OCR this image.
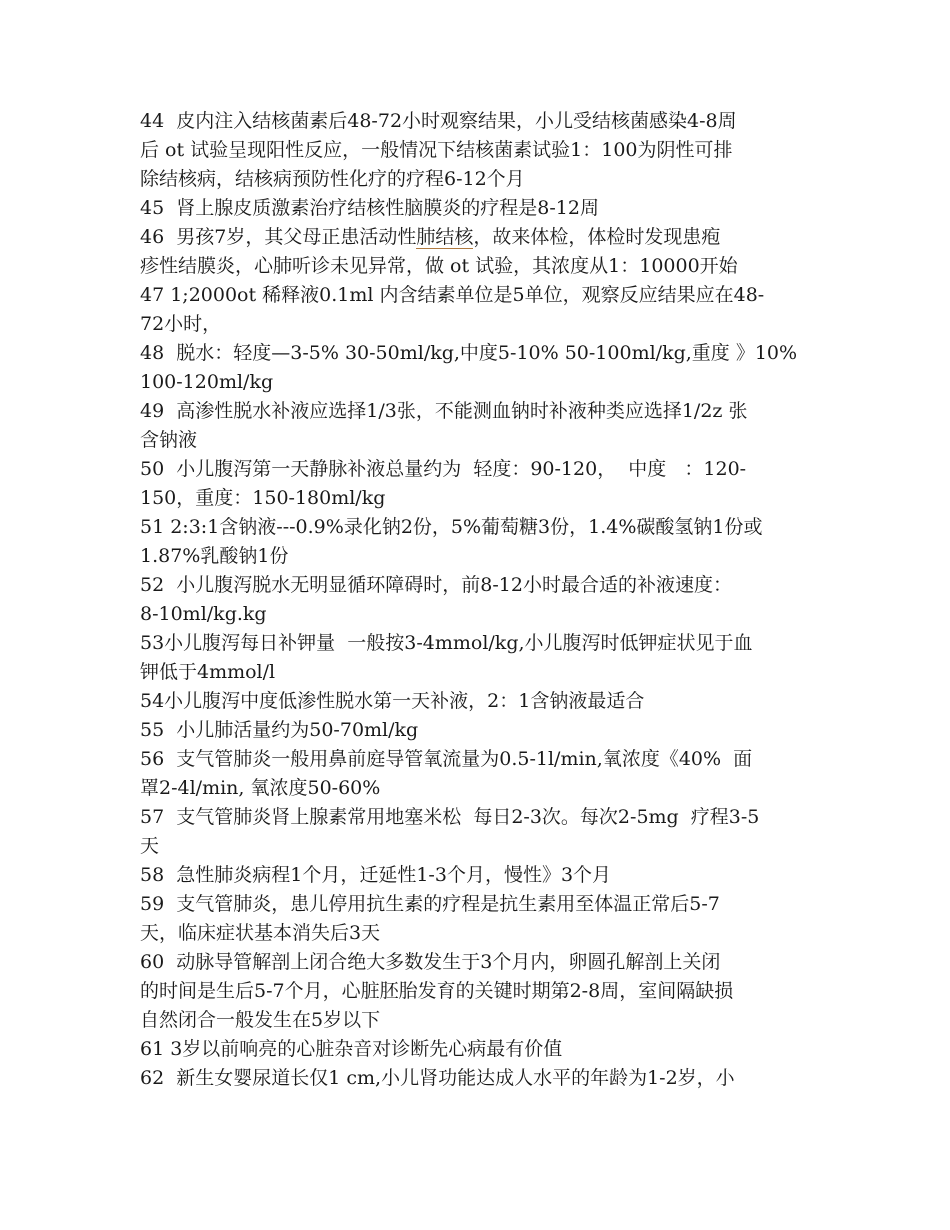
44  皮内注入结核菌素后48-72小时观察结果，小儿受结核菌感染4-8周
后 ot 试验呈现阳性反应，一般情况下结核菌素试验1：100为阴性可排
除结核病，结核病预防性化疗的疗程6-12个月
45  肾上腺皮质激素治疗结核性脑膜炎的疗程是8-12周
46  男孩7岁，其父母正患活动性肺结核，故来体检，体检时发现患疱
疹性结膜炎，心肺听诊未见异常，做 ot 试验，其浓度从1：10000开始
47 1;2000ot 稀释液0.1ml 内含结素单位是5单位，观察反应结果应在48-
72小时，
48  脱水：轻度—3-5% 30-50ml/kg,中度5-10% 50-100ml/kg,重度 》10%
100-120ml/kg
49  高渗性脱水补液应选择1/3张，不能测血钠时补液种类应选择1/2z 张
含钠液
50  小儿腹泻第一天静脉补液总量约为  轻度：90-120，  中度   ：120-
150，重度：150-180ml/kg
51 2:3:1含钠液---0.9%录化钠2份，5%葡萄糖3份，1.4%碳酸氢钠1份或
1.87%乳酸钠1份
52  小儿腹泻脱水无明显循环障碍时，前8-12小时最合适的补液速度：
8-10ml/kg.kg
53小儿腹泻每日补钾量  一般按3-4mmol/kg,小儿腹泻时低钾症状见于血
钾低于4mmol/l
54小儿腹泻中度低渗性脱水第一天补液，2：1含钠液最适合
55  小儿肺活量约为50-70ml/kg
56  支气管肺炎一般用鼻前庭导管氧流量为0.5-1l/min,氧浓度《40%  面
罩2-4l/min, 氧浓度50-60%
57  支气管肺炎肾上腺素常用地塞米松  每日2-3次。每次2-5mg  疗程3-5
天
58  急性肺炎病程1个月，迁延性1-3个月，慢性》3个月
59  支气管肺炎，患儿停用抗生素的疗程是抗生素用至体温正常后5-7
天，临床症状基本消失后3天
60  动脉导管解剖上闭合绝大多数发生于3个月内，卵圆孔解剖上关闭
的时间是生后5-7个月，心脏胚胎发育的关键时期第2-8周，室间隔缺损
自然闭合一般发生在5岁以下
61 3岁以前响亮的心脏杂音对诊断先心病最有价值
62  新生女婴尿道长仅1 cm,小儿肾功能达成人水平的年龄为1-2岁，小
